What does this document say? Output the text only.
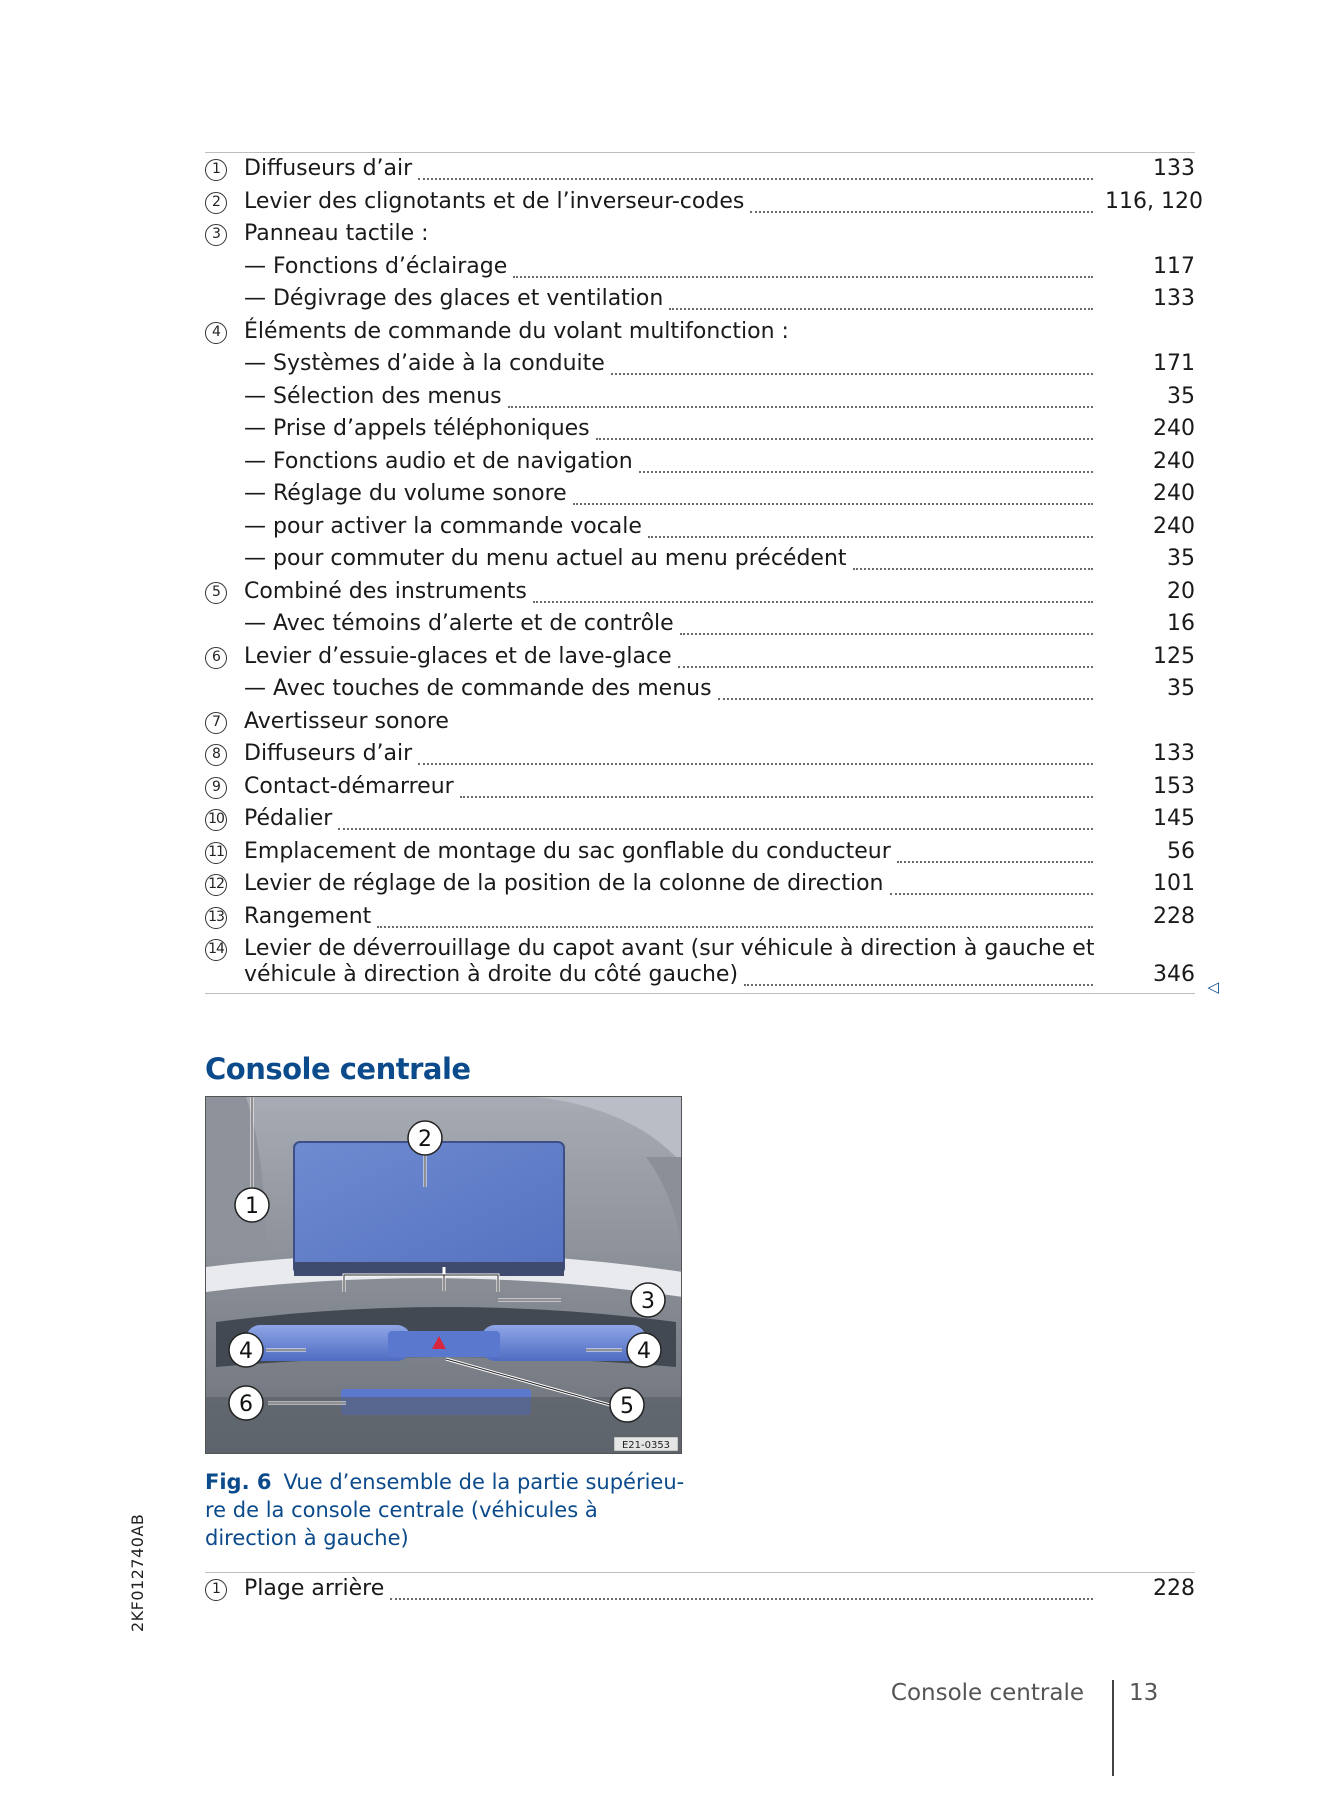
1	Diffuseurs d’air	133
2	Levier des clignotants et de l’inverseur-codes	116, 120
3	Panneau tactile :
— Fonctions d’éclairage	117
— Dégivrage des glaces et ventilation	133
4	Éléments de commande du volant multifonction :
— Systèmes d’aide à la conduite	171
— Sélection des menus	35
— Prise d’appels téléphoniques	240
— Fonctions audio et de navigation	240
— Réglage du volume sonore	240
— pour activer la commande vocale	240
— pour commuter du menu actuel au menu précédent	35
5	Combiné des instruments	20
— Avec témoins d’alerte et de contrôle	16
6	Levier d’essuie-glaces et de lave-glace	125
— Avec touches de commande des menus	35
7	Avertisseur sonore
8	Diffuseurs d’air	133
9	Contact-démarreur	153
10 Pédalier	145
11 Emplacement de montage du sac gonflable du conducteur	56
12 Levier de réglage de la position de la colonne de direction	101
13 Rangement	228
14 Levier de déverrouillage du capot avant (sur véhicule à direction à gauche et
véhicule à direction à droite du côté gauche)	346 ◁
Console centrale
E21-0353
1
2
3
4	4
5
6
Fig. 6 Vue d’ensemble de la partie supérieu-re de la console centrale (véhicules à direction à gauche)
1	Plage arrière	228
2KF012740AB
Console centrale 13
